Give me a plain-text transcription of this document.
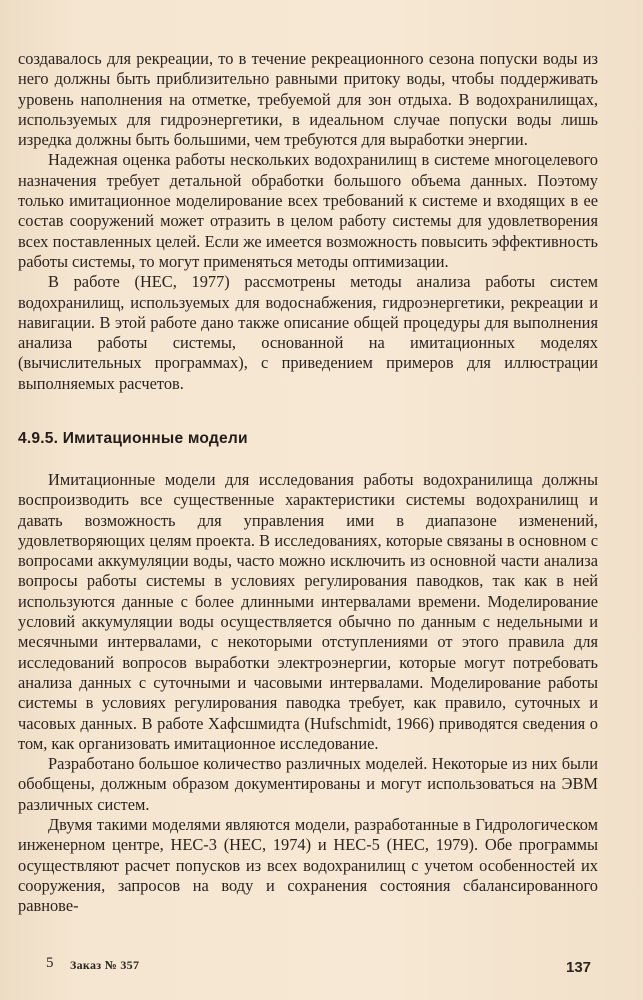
создавалось для рекреации, то в течение рекреационного сезона попуски воды из него должны быть приблизительно равными притоку воды, чтобы поддерживать уровень наполнения на отметке, требуемой для зон отдыха. В водохранилищах, используемых для гидроэнергетики, в идеальном случае попуски воды лишь изредка должны быть большими, чем требуются для выработки энергии.

Надежная оценка работы нескольких водохранилищ в системе многоцелевого назначения требует детальной обработки большого объема данных. Поэтому только имитационное моделирование всех требований к системе и входящих в ее состав сооружений может отразить в целом работу системы для удовлетворения всех поставленных целей. Если же имеется возможность повысить эффективность работы системы, то могут применяться методы оптимизации.

В работе (HEC, 1977) рассмотрены методы анализа работы систем водохранилищ, используемых для водоснабжения, гидроэнергетики, рекреации и навигации. В этой работе дано также описание общей процедуры для выполнения анализа работы системы, основанной на имитационных моделях (вычислительных программах), с приведением примеров для иллюстрации выполняемых расчетов.

4.9.5. Имитационные модели

Имитационные модели для исследования работы водохранилища должны воспроизводить все существенные характеристики системы водохранилищ и давать возможность для управления ими в диапазоне изменений, удовлетворяющих целям проекта. В исследованиях, которые связаны в основном с вопросами аккумуляции воды, часто можно исключить из основной части анализа вопросы работы системы в условиях регулирования паводков, так как в ней используются данные с более длинными интервалами времени. Моделирование условий аккумуляции воды осуществляется обычно по данным с недельными и месячными интервалами, с некоторыми отступлениями от этого правила для исследований вопросов выработки электроэнергии, которые могут потребовать анализа данных с суточными и часовыми интервалами. Моделирование работы системы в условиях регулирования паводка требует, как правило, суточных и часовых данных. В работе Хафсшмидта (Hufschmidt, 1966) приводятся сведения о том, как организовать имитационное исследование.

Разработано большое количество различных моделей. Некоторые из них были обобщены, должным образом документированы и могут использоваться на ЭВМ различных систем.

Двумя такими моделями являются модели, разработанные в Гидрологическом инженерном центре, HEC-3 (HEC, 1974) и HEC-5 (HEC, 1979). Обе программы осуществляют расчет попусков из всех водохранилищ с учетом особенностей их сооружения, запросов на воду и сохранения состояния сбалансированного равнове-

5 Заказ № 357	137
